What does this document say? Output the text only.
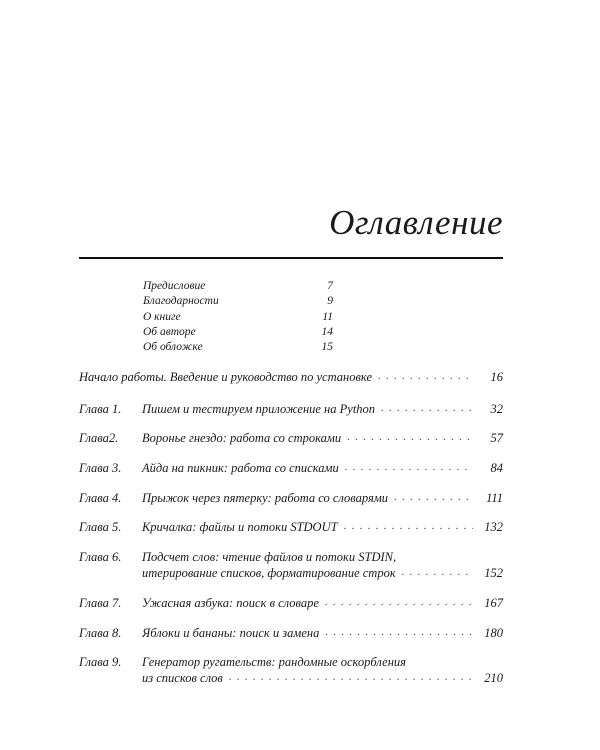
Оглавление
Предисловие	7
Благодарности	9
О книге	11
Об авторе	14
Об обложке	15
Начало работы. Введение и руководство по установке . . .	16
Глава 1. Пишем и тестируем приложение на Python . . .	32
Глава2. Воронье гнездо: работа со строками . . .	57
Глава 3. Айда на пикник: работа со списками . . .	84
Глава 4. Прыжок через пятерку: работа со словарями . . .	111
Глава 5. Кричалка: файлы и потоки STDOUT . . .	132
Глава 6.	Подсчет слов: чтение файлов и потоки STDIN,
итерирование списков, форматирование строк . . .	152
Глава 7. Ужасная азбука: поиск в словаре . . .	167
Глава 8. Яблоки и бананы: поиск и замена . . .	180
Глава 9.	Генератор ругательств: рандомные оскорбления
из списков слов . . .	210
